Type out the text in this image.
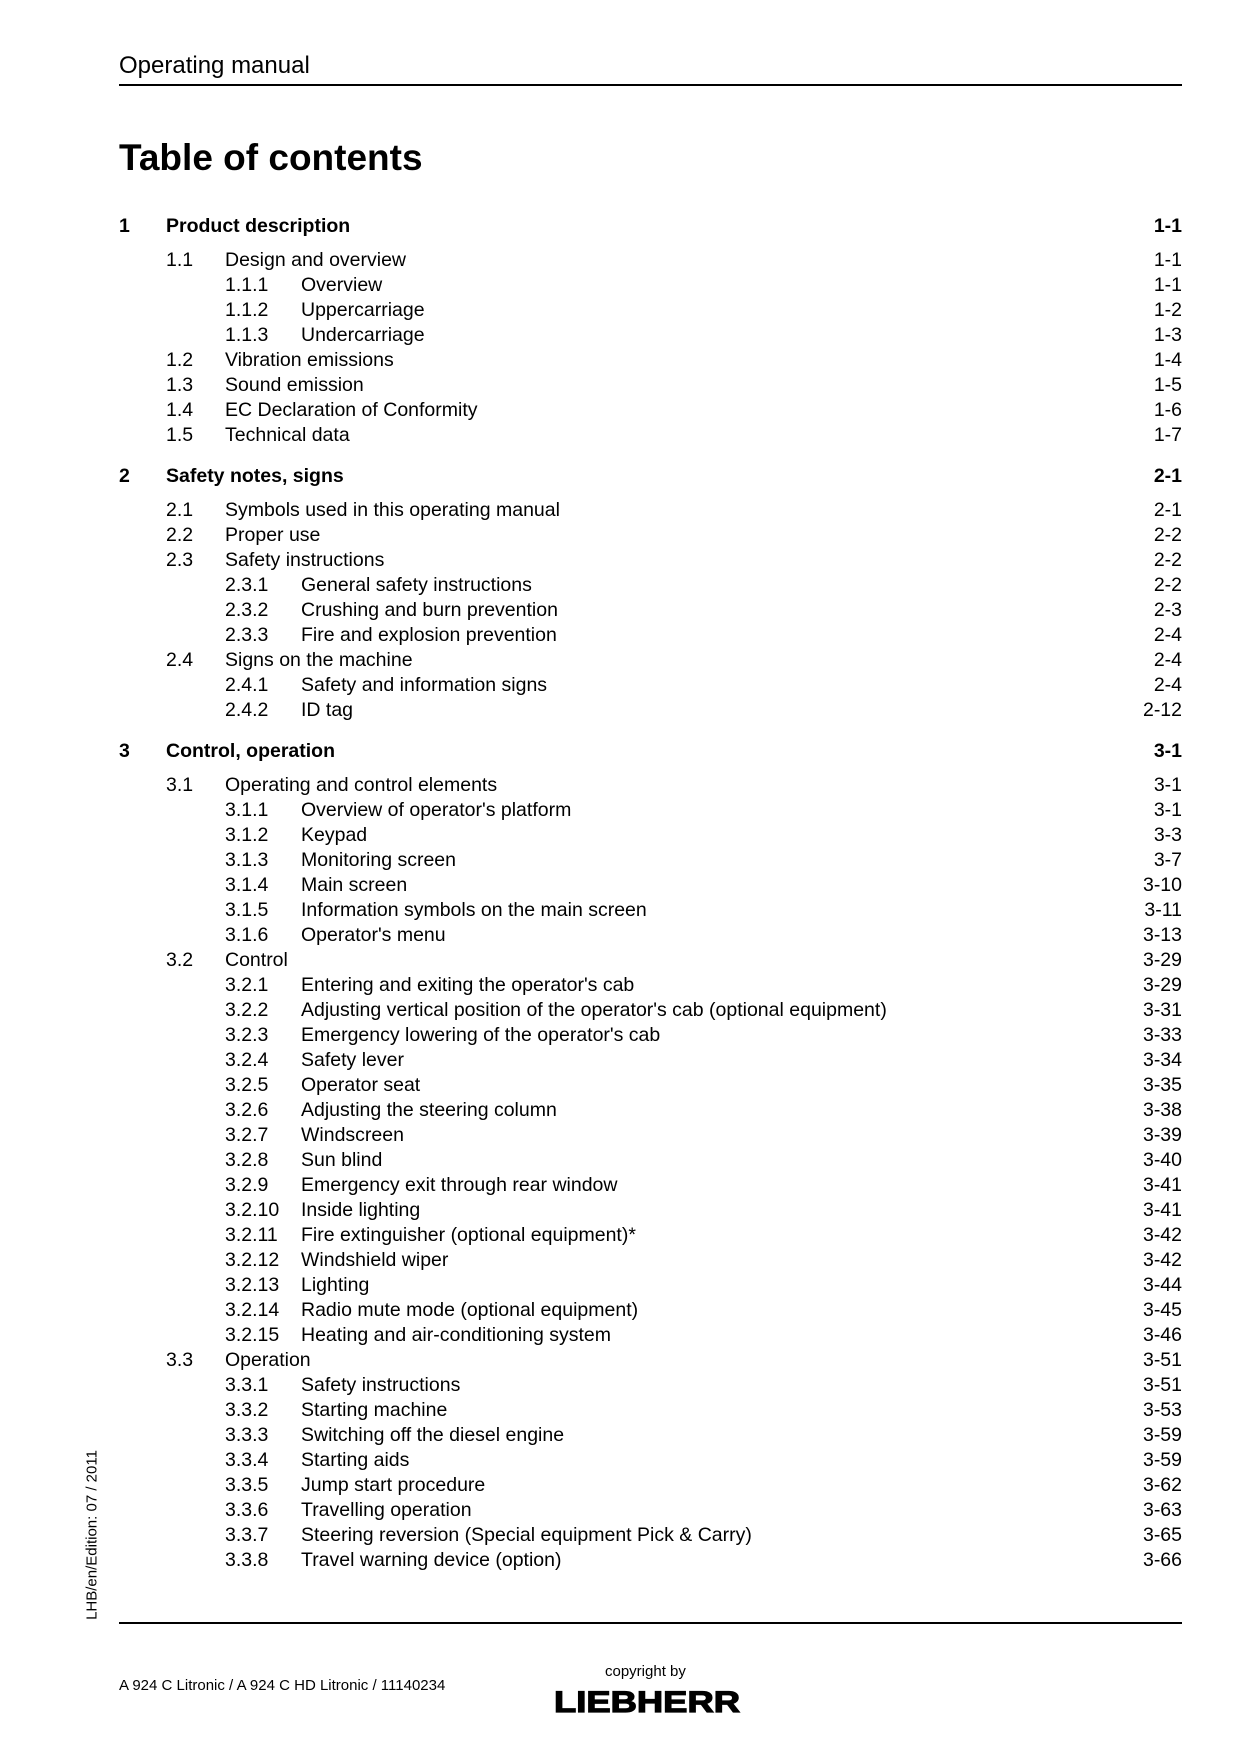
Operating manual
Table of contents
1	Product description	1-1
1.1	Design and overview	1-1
1.1.1	Overview	1-1
1.1.2	Uppercarriage	1-2
1.1.3	Undercarriage	1-3
1.2	Vibration emissions	1-4
1.3	Sound emission	1-5
1.4	EC Declaration of Conformity	1-6
1.5	Technical data	1-7
2	Safety notes, signs	2-1
2.1	Symbols used in this operating manual	2-1
2.2	Proper use	2-2
2.3	Safety instructions	2-2
2.3.1	General safety instructions	2-2
2.3.2	Crushing and burn prevention	2-3
2.3.3	Fire and explosion prevention	2-4
2.4	Signs on the machine	2-4
2.4.1	Safety and information signs	2-4
2.4.2	ID tag	2-12
3	Control, operation	3-1
3.1	Operating and control elements	3-1
3.1.1	Overview of operator's platform	3-1
3.1.2	Keypad	3-3
3.1.3	Monitoring screen	3-7
3.1.4	Main screen	3-10
3.1.5	Information symbols on the main screen	3-11
3.1.6	Operator's menu	3-13
3.2	Control	3-29
3.2.1	Entering and exiting the operator's cab	3-29
3.2.2	Adjusting vertical position of the operator's cab (optional equipment)	3-31
3.2.3	Emergency lowering of the operator's cab	3-33
3.2.4	Safety lever	3-34
3.2.5	Operator seat	3-35
3.2.6	Adjusting the steering column	3-38
3.2.7	Windscreen	3-39
3.2.8	Sun blind	3-40
3.2.9	Emergency exit through rear window	3-41
3.2.10	Inside lighting	3-41
3.2.11	Fire extinguisher (optional equipment)*	3-42
3.2.12	Windshield wiper	3-42
3.2.13	Lighting	3-44
3.2.14	Radio mute mode (optional equipment)	3-45
3.2.15	Heating and air-conditioning system	3-46
3.3	Operation	3-51
3.3.1	Safety instructions	3-51
3.3.2	Starting machine	3-53
3.3.3	Switching off the diesel engine	3-59
3.3.4	Starting aids	3-59
3.3.5	Jump start procedure	3-62
3.3.6	Travelling operation	3-63
3.3.7	Steering reversion (Special equipment Pick & Carry)	3-65
3.3.8	Travel warning device (option)	3-66
LHB/en/Edition: 07 / 2011
A 924 C Litronic / A 924 C HD Litronic / 11140234
copyright by
LIEBHERR
